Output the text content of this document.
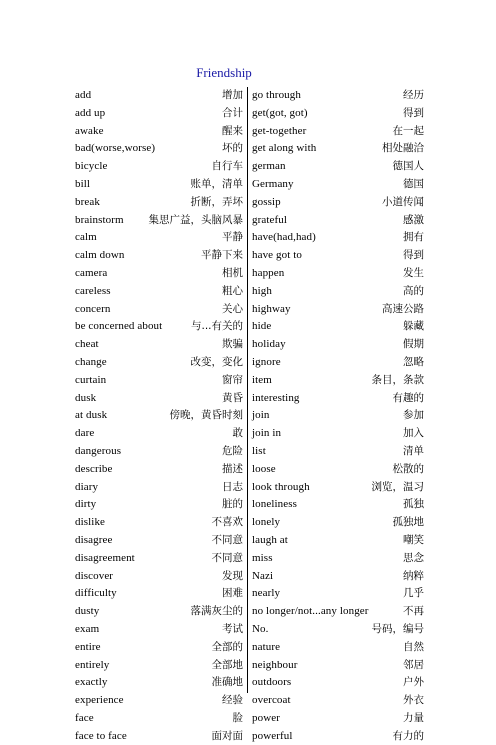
Friendship
add	增加
add up	合计
awake	醒来
bad(worse,worse)	坏的
bicycle	自行车
bill	账单，清单
break	折断，弄坏
brainstorm 集思广益，头脑风暴
calm	平静
calm down	平静下来
camera	相机
careless	粗心
concern	关心
be concerned about	与...有关的
cheat	欺骗
change	改变，变化
curtain	窗帘
dusk	黄昏
at dusk	傍晚，黄昏时刻
dare	敢
dangerous	危险
describe	描述
diary	日志
dirty	脏的
dislike	不喜欢
disagree	不同意
disagreement	不同意
discover	发现
difficulty	困难
dusty	落满灰尘的
exam	考试
entire	全部的
entirely	全部地
exactly	准确地
experience	经验
face	脸
face to face	面对面
go through	经历
get(got, got)	得到
get-together	在一起
get along with	相处融洽
german	德国人
Germany	德国
gossip	小道传闻
grateful	感激
have(had,had)	拥有
have got to	得到
happen	发生
high	高的
highway	高速公路
hide	躲藏
holiday	假期
ignore	忽略
item	条目，条款
interesting	有趣的
join	参加
join in	加入
list	清单
loose	松散的
look through	浏览，温习
loneliness	孤独
lonely	孤独地
laugh at	嘲笑
miss	思念
Nazi	纳粹
nearly	几乎
no longer/not...any longer	不再
No.	号码，编号
nature	自然
neighbour	邻居
outdoors	户外
overcoat	外衣
power	力量
powerful	有力的
